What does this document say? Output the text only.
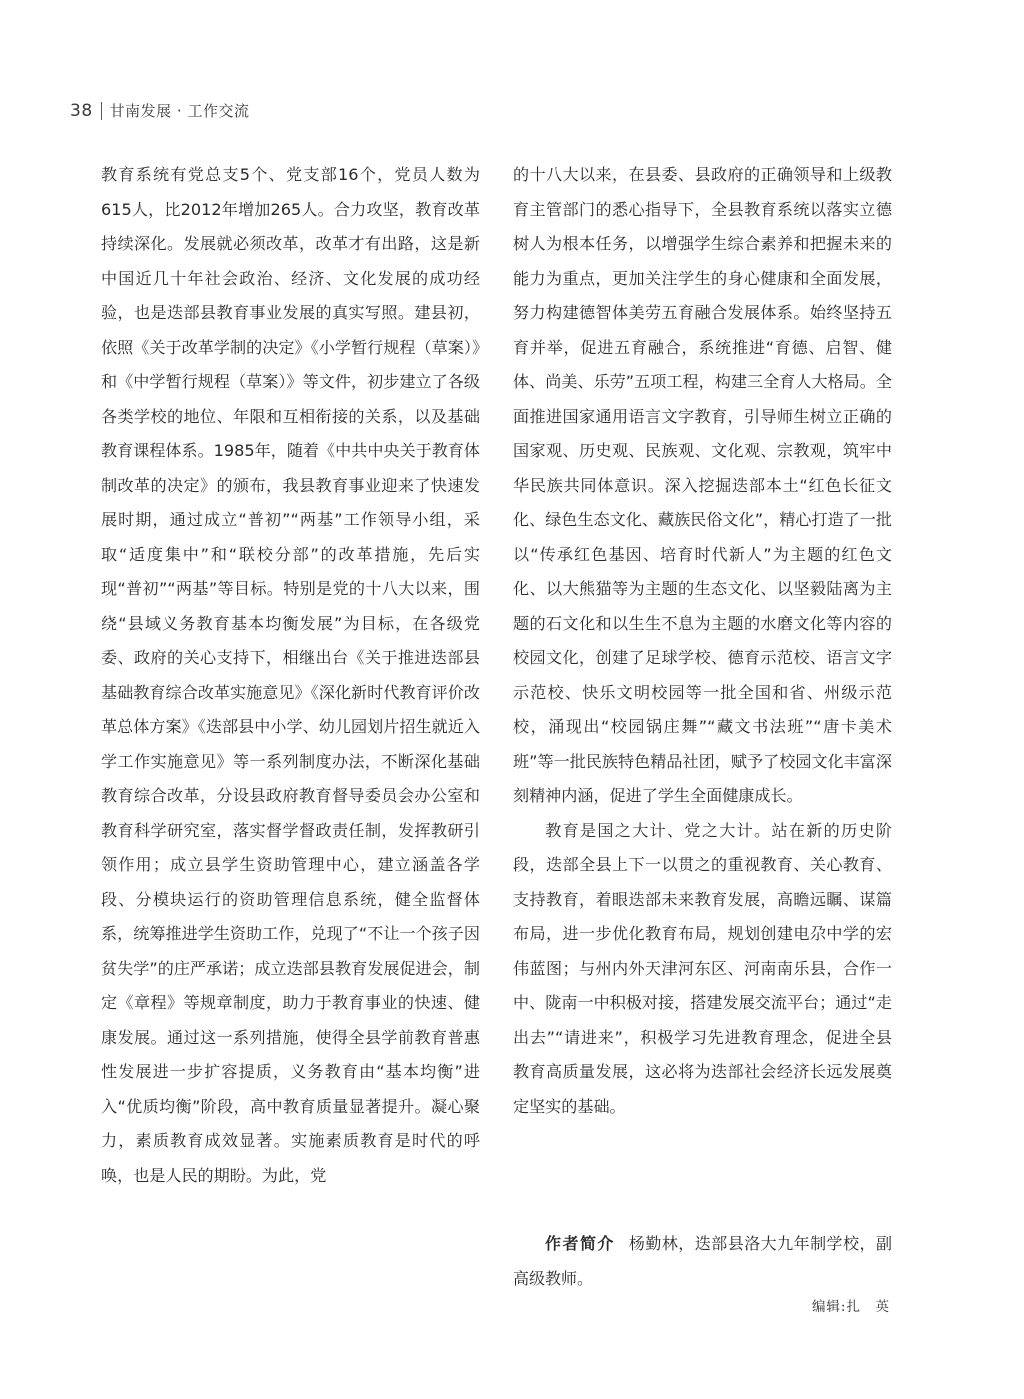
38 甘南发展 · 工作交流

教育系统有党总支5个、党支部16个，党员人数为615人，比2012年增加265人。合力攻坚，教育改革持续深化。发展就必须改革，改革才有出路，这是新中国近几十年社会政治、经济、文化发展的成功经验，也是迭部县教育事业发展的真实写照。建县初，依照《关于改革学制的决定》《小学暂行规程（草案）》和《中学暂行规程（草案）》等文件，初步建立了各级各类学校的地位、年限和互相衔接的关系，以及基础教育课程体系。1985年，随着《中共中央关于教育体制改革的决定》的颁布，我县教育事业迎来了快速发展时期，通过成立“普初”“两基”工作领导小组，采取“适度集中”和“联校分部”的改革措施，先后实现“普初”“两基”等目标。特别是党的十八大以来，围绕“县域义务教育基本均衡发展”为目标，在各级党委、政府的关心支持下，相继出台《关于推进迭部县基础教育综合改革实施意见》《深化新时代教育评价改革总体方案》《迭部县中小学、幼儿园划片招生就近入学工作实施意见》等一系列制度办法，不断深化基础教育综合改革，分设县政府教育督导委员会办公室和教育科学研究室，落实督学督政责任制，发挥教研引领作用；成立县学生资助管理中心，建立涵盖各学段、分模块运行的资助管理信息系统，健全监督体系，统筹推进学生资助工作，兑现了“不让一个孩子因贫失学”的庄严承诺；成立迭部县教育发展促进会，制定《章程》等规章制度，助力于教育事业的快速、健康发展。通过这一系列措施，使得全县学前教育普惠性发展进一步扩容提质，义务教育由“基本均衡”进入“优质均衡”阶段，高中教育质量显著提升。凝心聚力，素质教育成效显著。实施素质教育是时代的呼唤，也是人民的期盼。为此，党

的十八大以来，在县委、县政府的正确领导和上级教育主管部门的悉心指导下，全县教育系统以落实立德树人为根本任务，以增强学生综合素养和把握未来的能力为重点，更加关注学生的身心健康和全面发展，努力构建德智体美劳五育融合发展体系。始终坚持五育并举，促进五育融合，系统推进“育德、启智、健体、尚美、乐劳”五项工程，构建三全育人大格局。全面推进国家通用语言文字教育，引导师生树立正确的国家观、历史观、民族观、文化观、宗教观，筑牢中华民族共同体意识。深入挖掘迭部本土“红色长征文化、绿色生态文化、藏族民俗文化”，精心打造了一批以“传承红色基因、培育时代新人”为主题的红色文化、以大熊猫等为主题的生态文化、以坚毅陆离为主题的石文化和以生生不息为主题的水磨文化等内容的校园文化，创建了足球学校、德育示范校、语言文字示范校、快乐文明校园等一批全国和省、州级示范校，涌现出“校园锅庄舞”“藏文书法班”“唐卡美术班”等一批民族特色精品社团，赋予了校园文化丰富深刻精神内涵，促进了学生全面健康成长。

教育是国之大计、党之大计。站在新的历史阶段，迭部全县上下一以贯之的重视教育、关心教育、支持教育，着眼迭部未来教育发展，高瞻远瞩、谋篇布局，进一步优化教育布局，规划创建电尕中学的宏伟蓝图；与州内外天津河东区、河南南乐县，合作一中、陇南一中积极对接，搭建发展交流平台；通过“走出去”“请进来”，积极学习先进教育理念，促进全县教育高质量发展，这必将为迭部社会经济长远发展奠定坚实的基础。

作者简介 杨勤林，迭部县洛大九年制学校，副高级教师。
编辑:扎　英
